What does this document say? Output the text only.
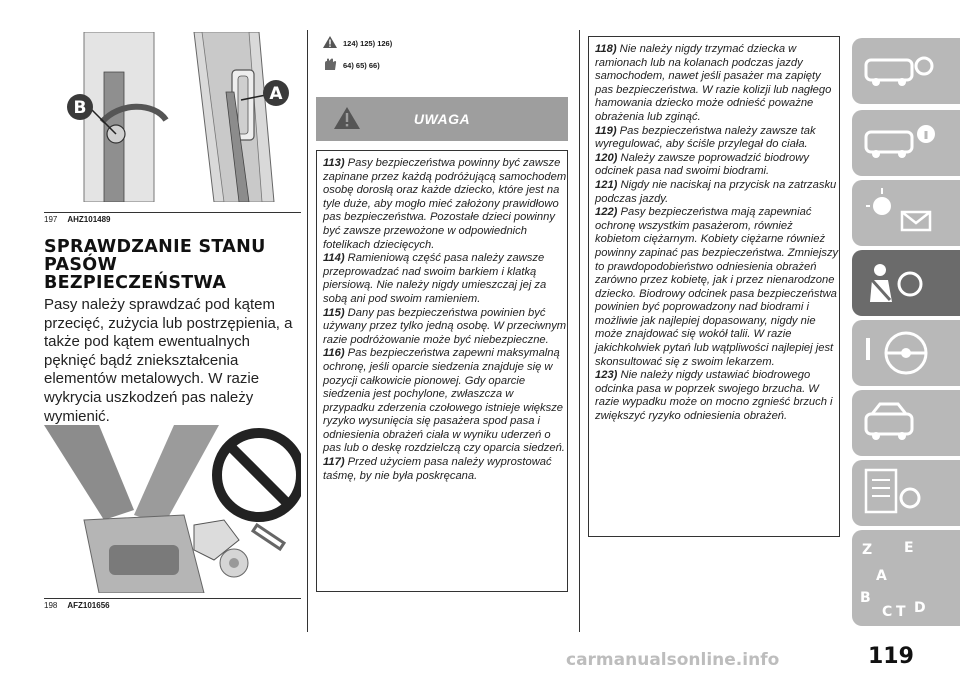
B
A
197 AHZ101489
SPRAWDZANIE STANU
PASÓW
BEZPIECZEŃSTWA

Pasy należy sprawdzać pod kątem przecięć, zużycia lub postrzępienia, a także pod kątem ewentualnych pęknięć bądź zniekształcenia elementów metalowych. W razie wykrycia uszkodzeń pas należy wymienić.

198 AFZ101656
124) 125) 126)
64) 65) 66)
UWAGA

113) Pasy bezpieczeństwa powinny być zawsze zapinane przez każdą podróżującą samochodem osobę dorosłą oraz każde dziecko, które jest na tyle duże, aby mogło mieć założony prawidłowo pas bezpieczeństwa. Pozostałe dzieci powinny być zawsze przewożone w odpowiednich fotelikach dziecięcych.

114) Ramieniową część pasa należy zawsze przeprowadzać nad swoim barkiem i klatką piersiową. Nie należy nigdy umieszczaj jej za sobą ani pod swoim ramieniem.

115) Dany pas bezpieczeństwa powinien być używany przez tylko jedną osobę. W przeciwnym razie podróżowanie może być niebezpieczne.

116) Pas bezpieczeństwa zapewni maksymalną ochronę, jeśli oparcie siedzenia znajduje się w pozycji całkowicie pionowej. Gdy oparcie siedzenia jest pochylone, zwłaszcza w przypadku zderzenia czołowego istnieje większe ryzyko wysunięcia się pasażera spod pasa i odniesienia obrażeń ciała w wyniku uderzeń o pas lub o deskę rozdzielczą czy oparcia siedzeń.

117) Przed użyciem pasa należy wyprostować taśmę, by nie była poskręcana.

118) Nie należy nigdy trzymać dziecka w ramionach lub na kolanach podczas jazdy samochodem, nawet jeśli pasażer ma zapięty pas bezpieczeństwa. W razie kolizji lub nagłego hamowania dziecko może odnieść poważne obrażenia lub zginąć.

119) Pas bezpieczeństwa należy zawsze tak wyregulować, aby ściśle przylegał do ciała.

120) Należy zawsze poprowadzić biodrowy odcinek pasa nad swoimi biodrami.

121) Nigdy nie naciskaj na przycisk na zatrzasku podczas jazdy.

122) Pasy bezpieczeństwa mają zapewniać ochronę wszystkim pasażerom, również kobietom ciężarnym. Kobiety ciężarne również powinny zapinać pas bezpieczeństwa. Zmniejszy to prawdopodobieństwo odniesienia obrażeń zarówno przez kobietę, jak i przez nienarodzone dziecko. Biodrowy odcinek pasa bezpieczeństwa powinien być poprowadzony nad biodrami i możliwie jak najlepiej dopasowany, nigdy nie może znajdować się wokół talii. W razie jakichkolwiek pytań lub wątpliwości najlepiej jest skonsultować się z swoim lekarzem.

123) Nie należy nigdy ustawiać biodrowego odcinka pasa w poprzek swojego brzucha. W razie wypadku może on mocno zgnieść brzuch i zwiększyć ryzyko odniesienia obrażeń.

Z E
A
B
C T D
119
carmanualsonline.info
